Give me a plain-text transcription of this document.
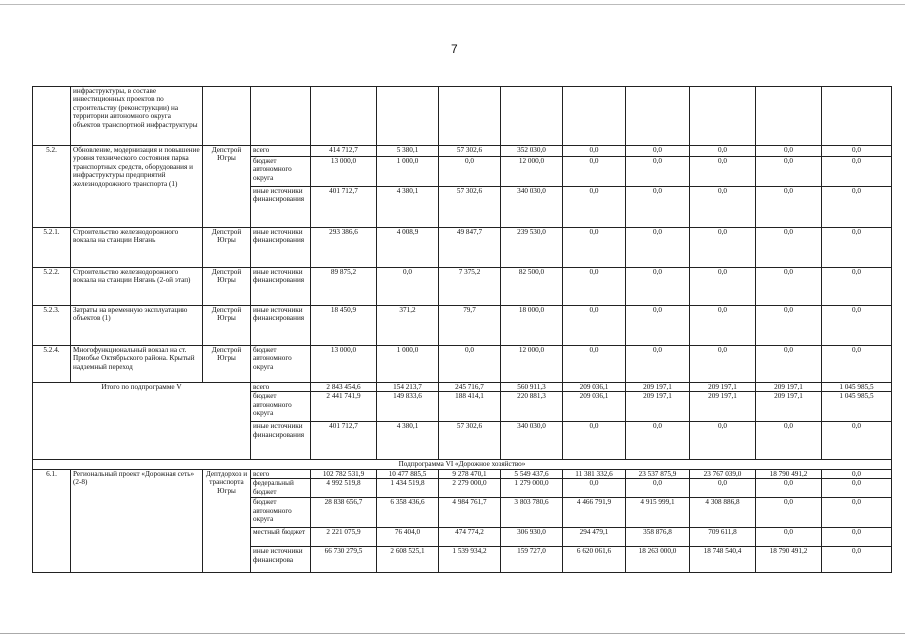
7
	инфраструктуры, в составе инвестиционных проектов по строительству (реконструкции) на территории автономного округа объектов транспортной инфраструктуры											
5.2.	Обновление, модернизация и повышение уровня технического состояния парка транспортных средств, оборудования и инфраструктуры предприятий железнодорожного транспорта (1)	Депстрой Югры	всего	414 712,7	5 380,1	57 302,6	352 030,0	0,0	0,0	0,0	0,0	0,0
			бюджет автономного округа	13 000,0	1 000,0	0,0	12 000,0	0,0	0,0	0,0	0,0	0,0
			иные источники финансирования	401 712,7	4 380,1	57 302,6	340 030,0	0,0	0,0	0,0	0,0	0,0
5.2.1.	Строительство железнодорожного вокзала на станции Нягань	Депстрой Югры	иные источники финансирования	293 386,6	4 008,9	49 847,7	239 530,0	0,0	0,0	0,0	0,0	0,0
5.2.2.	Строительство железнодорожного вокзала на станции Нягань (2-ой этап)	Депстрой Югры	иные источники финансирования	89 875,2	0,0	7 375,2	82 500,0	0,0	0,0	0,0	0,0	0,0
5.2.3.	Затраты на временную эксплуатацию объектов (1)	Депстрой Югры	иные источники финансирования	18 450,9	371,2	79,7	18 000,0	0,0	0,0	0,0	0,0	0,0
5.2.4.	Многофункциональный вокзал на ст. Приобье Октябрьского района. Крытый надземный переход	Депстрой Югры	бюджет автономного округа	13 000,0	1 000,0	0,0	12 000,0	0,0	0,0	0,0	0,0	0,0
Итого по подпрограмме V			всего	2 843 454,6	154 213,7	245 716,7	560 911,3	209 036,1	209 197,1	209 197,1	209 197,1	1 045 985,5
			бюджет автономного округа	2 441 741,9	149 833,6	188 414,1	220 881,3	209 036,1	209 197,1	209 197,1	209 197,1	1 045 985,5
			иные источники финансирования	401 712,7	4 380,1	57 302,6	340 030,0	0,0	0,0	0,0	0,0	0,0
Подпрограмма VI «Дорожное хозяйство»												
6.1.	Региональный проект «Дорожная сеть» (2-8)	Дептдорхоз и транспорта Югры	всего	102 782 531,9	10 477 885,5	9 278 470,1	5 549 437,6	11 381 332,6	23 537 875,9	23 767 039,0	18 790 491,2	0,0
			федеральный бюджет	4 992 519,8	1 434 519,8	2 279 000,0	1 279 000,0	0,0	0,0	0,0	0,0	0,0
			бюджет автономного округа	28 838 656,7	6 358 436,6	4 984 761,7	3 803 780,6	4 466 791,9	4 915 999,1	4 308 886,8	0,0	0,0
			местный бюджет	2 221 075,9	76 404,0	474 774,2	306 930,0	294 479,1	358 876,8	709 611,8	0,0	0,0
			иные источники финансирова	66 730 279,5	2 608 525,1	1 539 934,2	159 727,0	6 620 061,6	18 263 000,0	18 748 540,4	18 790 491,2	0,0
